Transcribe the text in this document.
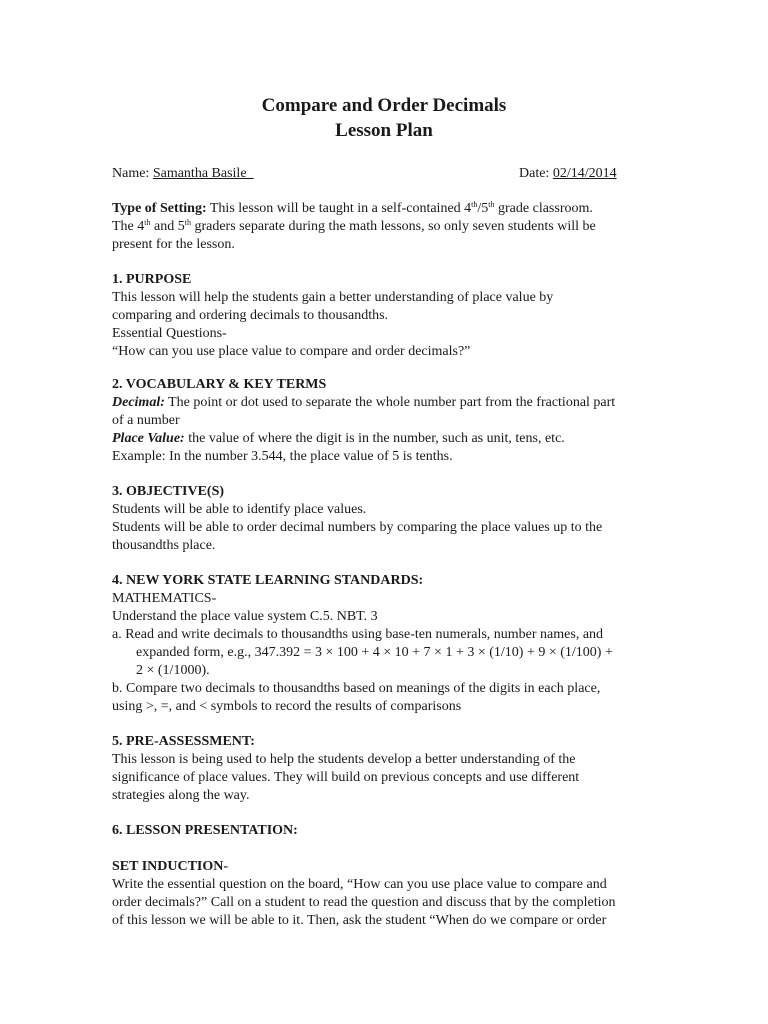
Compare and Order Decimals
Lesson Plan
Name: Samantha Basile_	Date: 02/14/2014
Type of Setting: This lesson will be taught in a self-contained 4th/5th grade classroom.
The 4th and 5th graders separate during the math lessons, so only seven students will be
present for the lesson.
1. PURPOSE
This lesson will help the students gain a better understanding of place value by
comparing and ordering decimals to thousandths.
Essential Questions-
“How can you use place value to compare and order decimals?”
2. VOCABULARY & KEY TERMS
Decimal: The point or dot used to separate the whole number part from the fractional part
of a number
Place Value: the value of where the digit is in the number, such as unit, tens, etc.
Example: In the number 3.544, the place value of 5 is tenths.
3. OBJECTIVE(S)
Students will be able to identify place values.
Students will be able to order decimal numbers by comparing the place values up to the
thousandths place.
4. NEW YORK STATE LEARNING STANDARDS:
MATHEMATICS-
Understand the place value system C.5. NBT. 3
a. Read and write decimals to thousandths using base-ten numerals, number names, and
expanded form, e.g., 347.392 = 3 × 100 + 4 × 10 + 7 × 1 + 3 × (1/10) + 9 × (1/100) +
2 × (1/1000).
b. Compare two decimals to thousandths based on meanings of the digits in each place,
using >, =, and < symbols to record the results of comparisons
5. PRE-ASSESSMENT:
This lesson is being used to help the students develop a better understanding of the
significance of place values. They will build on previous concepts and use different
strategies along the way.
6. LESSON PRESENTATION:
SET INDUCTION-
Write the essential question on the board, “How can you use place value to compare and
order decimals?” Call on a student to read the question and discuss that by the completion
of this lesson we will be able to it. Then, ask the student “When do we compare or order
